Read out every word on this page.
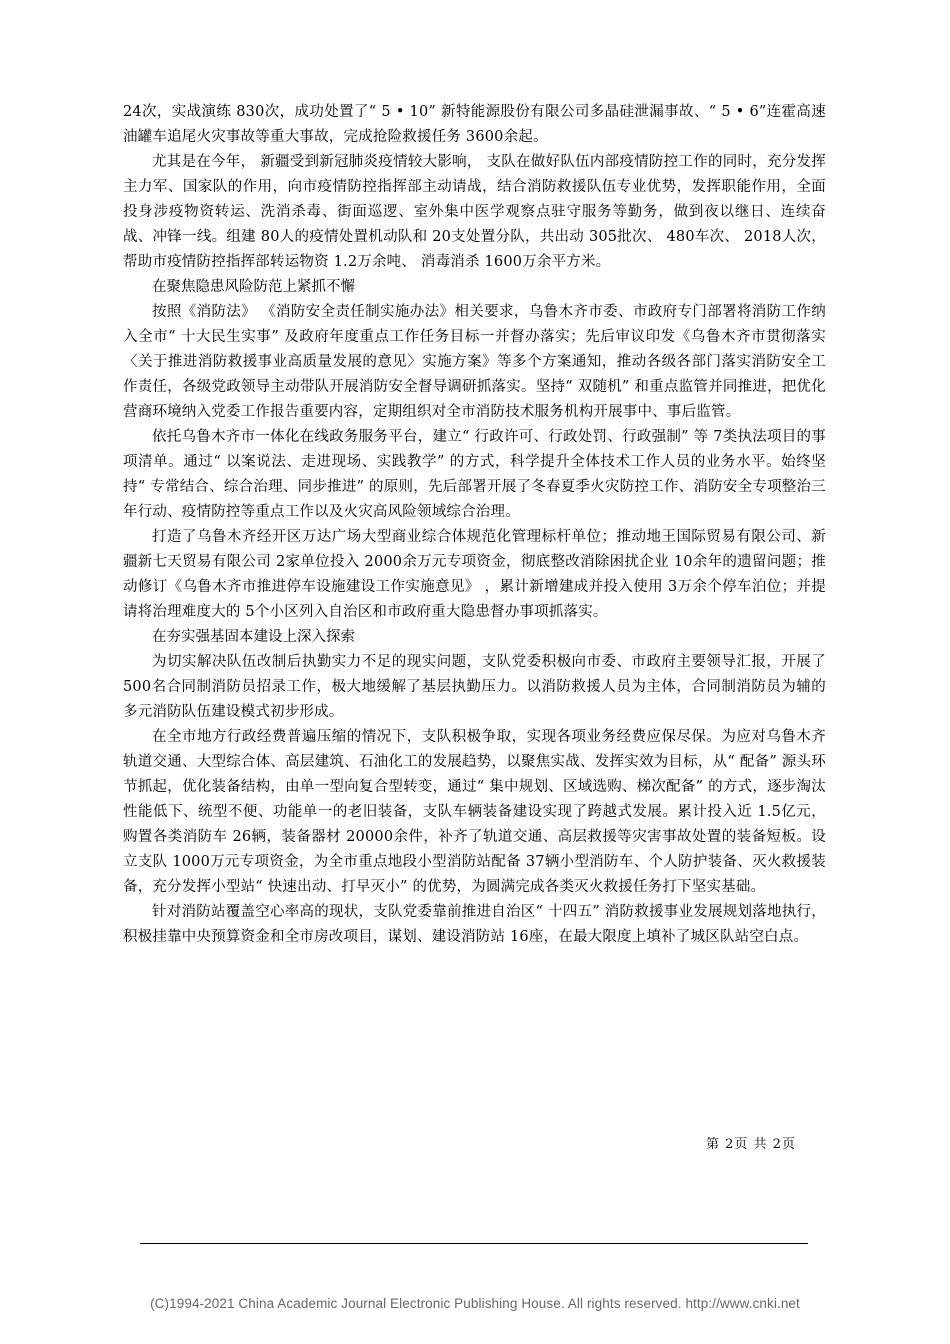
24次，实战演练 830次，成功处置了“ 5 • 10” 新特能源股份有限公司多晶硅泄漏事故、“ 5 • 6”连霍高速油罐车追尾火灾事故等重大事故，完成抢险救援任务 3600余起。

尤其是在今年， 新疆受到新冠肺炎疫情较大影响， 支队在做好队伍内部疫情防控工作的同时，充分发挥主力军、国家队的作用，向市疫情防控指挥部主动请战，结合消防救援队伍专业优势，发挥职能作用，全面投身涉疫物资转运、洗消杀毒、街面巡逻、室外集中医学观察点驻守服务等勤务，做到夜以继日、连续奋战、冲锋一线。组建 80人的疫情处置机动队和 20支处置分队，共出动 305批次、 480车次、 2018人次， 帮助市疫情防控指挥部转运物资 1.2万余吨、 消毒消杀 1600万余平方米。

在聚焦隐患风险防范上紧抓不懈

按照《消防法》 《消防安全责任制实施办法》相关要求，乌鲁木齐市委、市政府专门部署将消防工作纳入全市“ 十大民生实事” 及政府年度重点工作任务目标一并督办落实；先后审议印发《乌鲁木齐市贯彻落实〈关于推进消防救援事业高质量发展的意见〉实施方案》等多个方案通知，推动各级各部门落实消防安全工作责任，各级党政领导主动带队开展消防安全督导调研抓落实。坚持“ 双随机” 和重点监管并同推进，把优化营商环境纳入党委工作报告重要内容，定期组织对全市消防技术服务机构开展事中、事后监管。

依托乌鲁木齐市一体化在线政务服务平台，建立“ 行政许可、行政处罚、行政强制” 等 7类执法项目的事项清单。通过“ 以案说法、走进现场、实践教学” 的方式，科学提升全体技术工作人员的业务水平。始终坚持“ 专常结合、综合治理、同步推进” 的原则，先后部署开展了冬春夏季火灾防控工作、消防安全专项整治三年行动、疫情防控等重点工作以及火灾高风险领域综合治理。

打造了乌鲁木齐经开区万达广场大型商业综合体规范化管理标杆单位；推动地王国际贸易有限公司、新疆新七天贸易有限公司 2家单位投入 2000余万元专项资金，彻底整改消除困扰企业 10余年的遗留问题；推动修订《乌鲁木齐市推进停车设施建设工作实施意见》 ，累计新增建成并投入使用 3万余个停车泊位；并提请将治理难度大的 5个小区列入自治区和市政府重大隐患督办事项抓落实。

在夯实强基固本建设上深入探索

为切实解决队伍改制后执勤实力不足的现实问题，支队党委积极向市委、市政府主要领导汇报，开展了 500名合同制消防员招录工作，极大地缓解了基层执勤压力。以消防救援人员为主体，合同制消防员为辅的多元消防队伍建设模式初步形成。

在全市地方行政经费普遍压缩的情况下，支队积极争取，实现各项业务经费应保尽保。为应对乌鲁木齐轨道交通、大型综合体、高层建筑、石油化工的发展趋势，以聚焦实战、发挥实效为目标，从“ 配备” 源头环节抓起，优化装备结构，由单一型向复合型转变，通过“ 集中规划、区域选购、梯次配备” 的方式，逐步淘汰性能低下、统型不便、功能单一的老旧装备，支队车辆装备建设实现了跨越式发展。累计投入近 1.5亿元，购置各类消防车 26辆，装备器材 20000余件，补齐了轨道交通、高层救援等灾害事故处置的装备短板。设立支队 1000万元专项资金，为全市重点地段小型消防站配备 37辆小型消防车、个人防护装备、灭火救援装备，充分发挥小型站“ 快速出动、打早灭小” 的优势，为圆满完成各类灭火救援任务打下坚实基础。

针对消防站覆盖空心率高的现状，支队党委靠前推进自治区“ 十四五” 消防救援事业发展规划落地执行，积极挂靠中央预算资金和全市房改项目，谋划、建设消防站 16座，在最大限度上填补了城区队站空白点。

第 2页 共 2页
(C)1994-2021 China Academic Journal Electronic Publishing House. All rights reserved. http://www.cnki.net
